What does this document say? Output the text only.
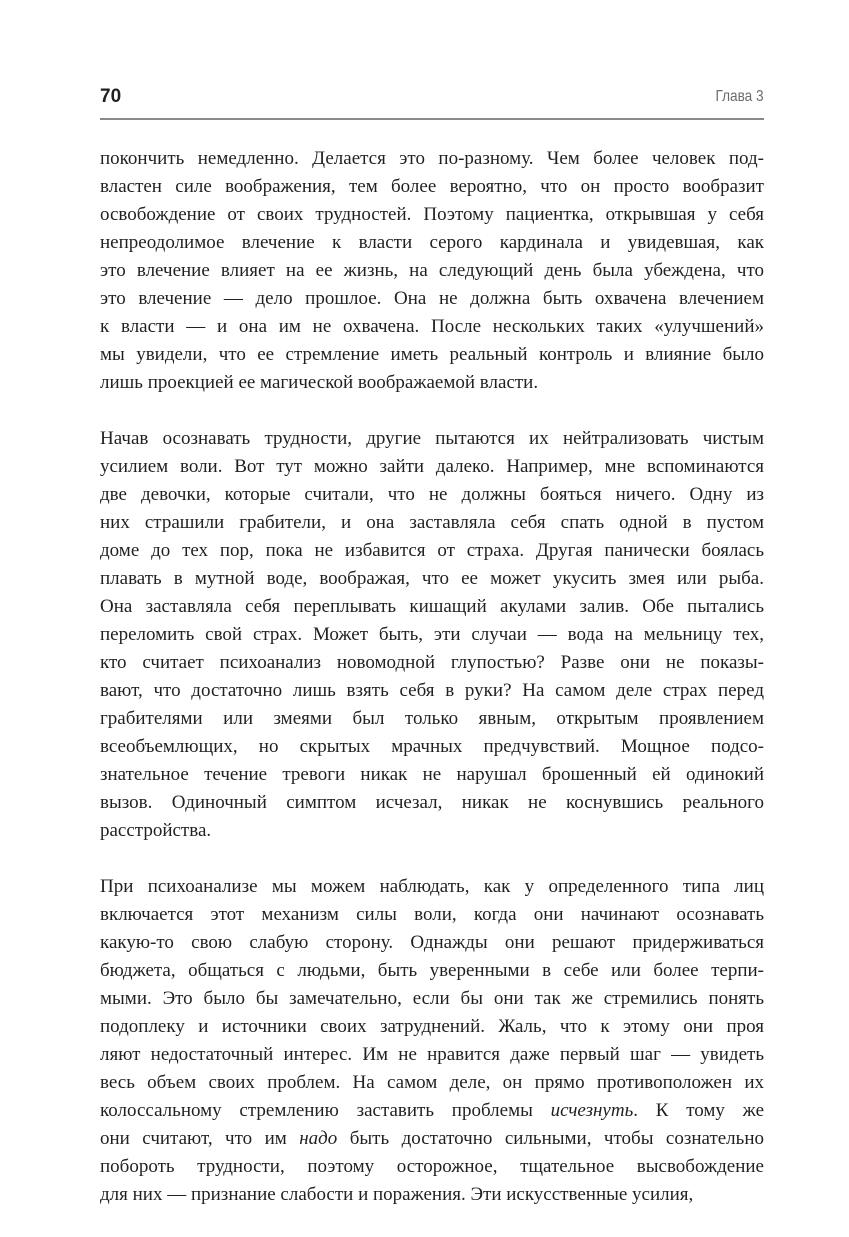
70	Глава 3
покончить немедленно. Делается это по-разному. Чем более человек под-
властен силе воображения, тем более вероятно, что он просто вообразит
освобождение от своих трудностей. Поэтому пациентка, открывшая у себя
непреодолимое влечение к власти серого кардинала и увидевшая, как
это влечение влияет на ее жизнь, на следующий день была убеждена, что
это влечение — дело прошлое. Она не должна быть охвачена влечением
к власти — и она им не охвачена. После нескольких таких «улучшений»
мы увидели, что ее стремление иметь реальный контроль и влияние было
лишь проекцией ее магической воображаемой власти.
Начав осознавать трудности, другие пытаются их нейтрализовать чистым
усилием воли. Вот тут можно зайти далеко. Например, мне вспоминаются
две девочки, которые считали, что не должны бояться ничего. Одну из
них страшили грабители, и она заставляла себя спать одной в пустом
доме до тех пор, пока не избавится от страха. Другая панически боялась
плавать в мутной воде, воображая, что ее может укусить змея или рыба.
Она заставляла себя переплывать кишащий акулами залив. Обе пытались
переломить свой страх. Может быть, эти случаи — вода на мельницу тех,
кто считает психоанализ новомодной глупостью? Разве они не показы-
вают, что достаточно лишь взять себя в руки? На самом деле страх перед
грабителями или змеями был только явным, открытым проявлением
всеобъемлющих, но скрытых мрачных предчувствий. Мощное подсо-
знательное течение тревоги никак не нарушал брошенный ей одинокий
вызов. Одиночный симптом исчезал, никак не коснувшись реального
расстройства.
При психоанализе мы можем наблюдать, как у определенного типа лиц
включается этот механизм силы воли, когда они начинают осознавать
какую-то свою слабую сторону. Однажды они решают придерживаться
бюджета, общаться с людьми, быть уверенными в себе или более терпи-
мыми. Это было бы замечательно, если бы они так же стремились понять
подоплеку и источники своих затруднений. Жаль, что к этому они проя
ляют недостаточный интерес. Им не нравится даже первый шаг — увидеть
весь объем своих проблем. На самом деле, он прямо противоположен их
колоссальному стремлению заставить проблемы исчезнуть. К тому же
они считают, что им надо быть достаточно сильными, чтобы сознательно
побороть трудности, поэтому осторожное, тщательное высвобождение
для них — признание слабости и поражения. Эти искусственные усилия,
